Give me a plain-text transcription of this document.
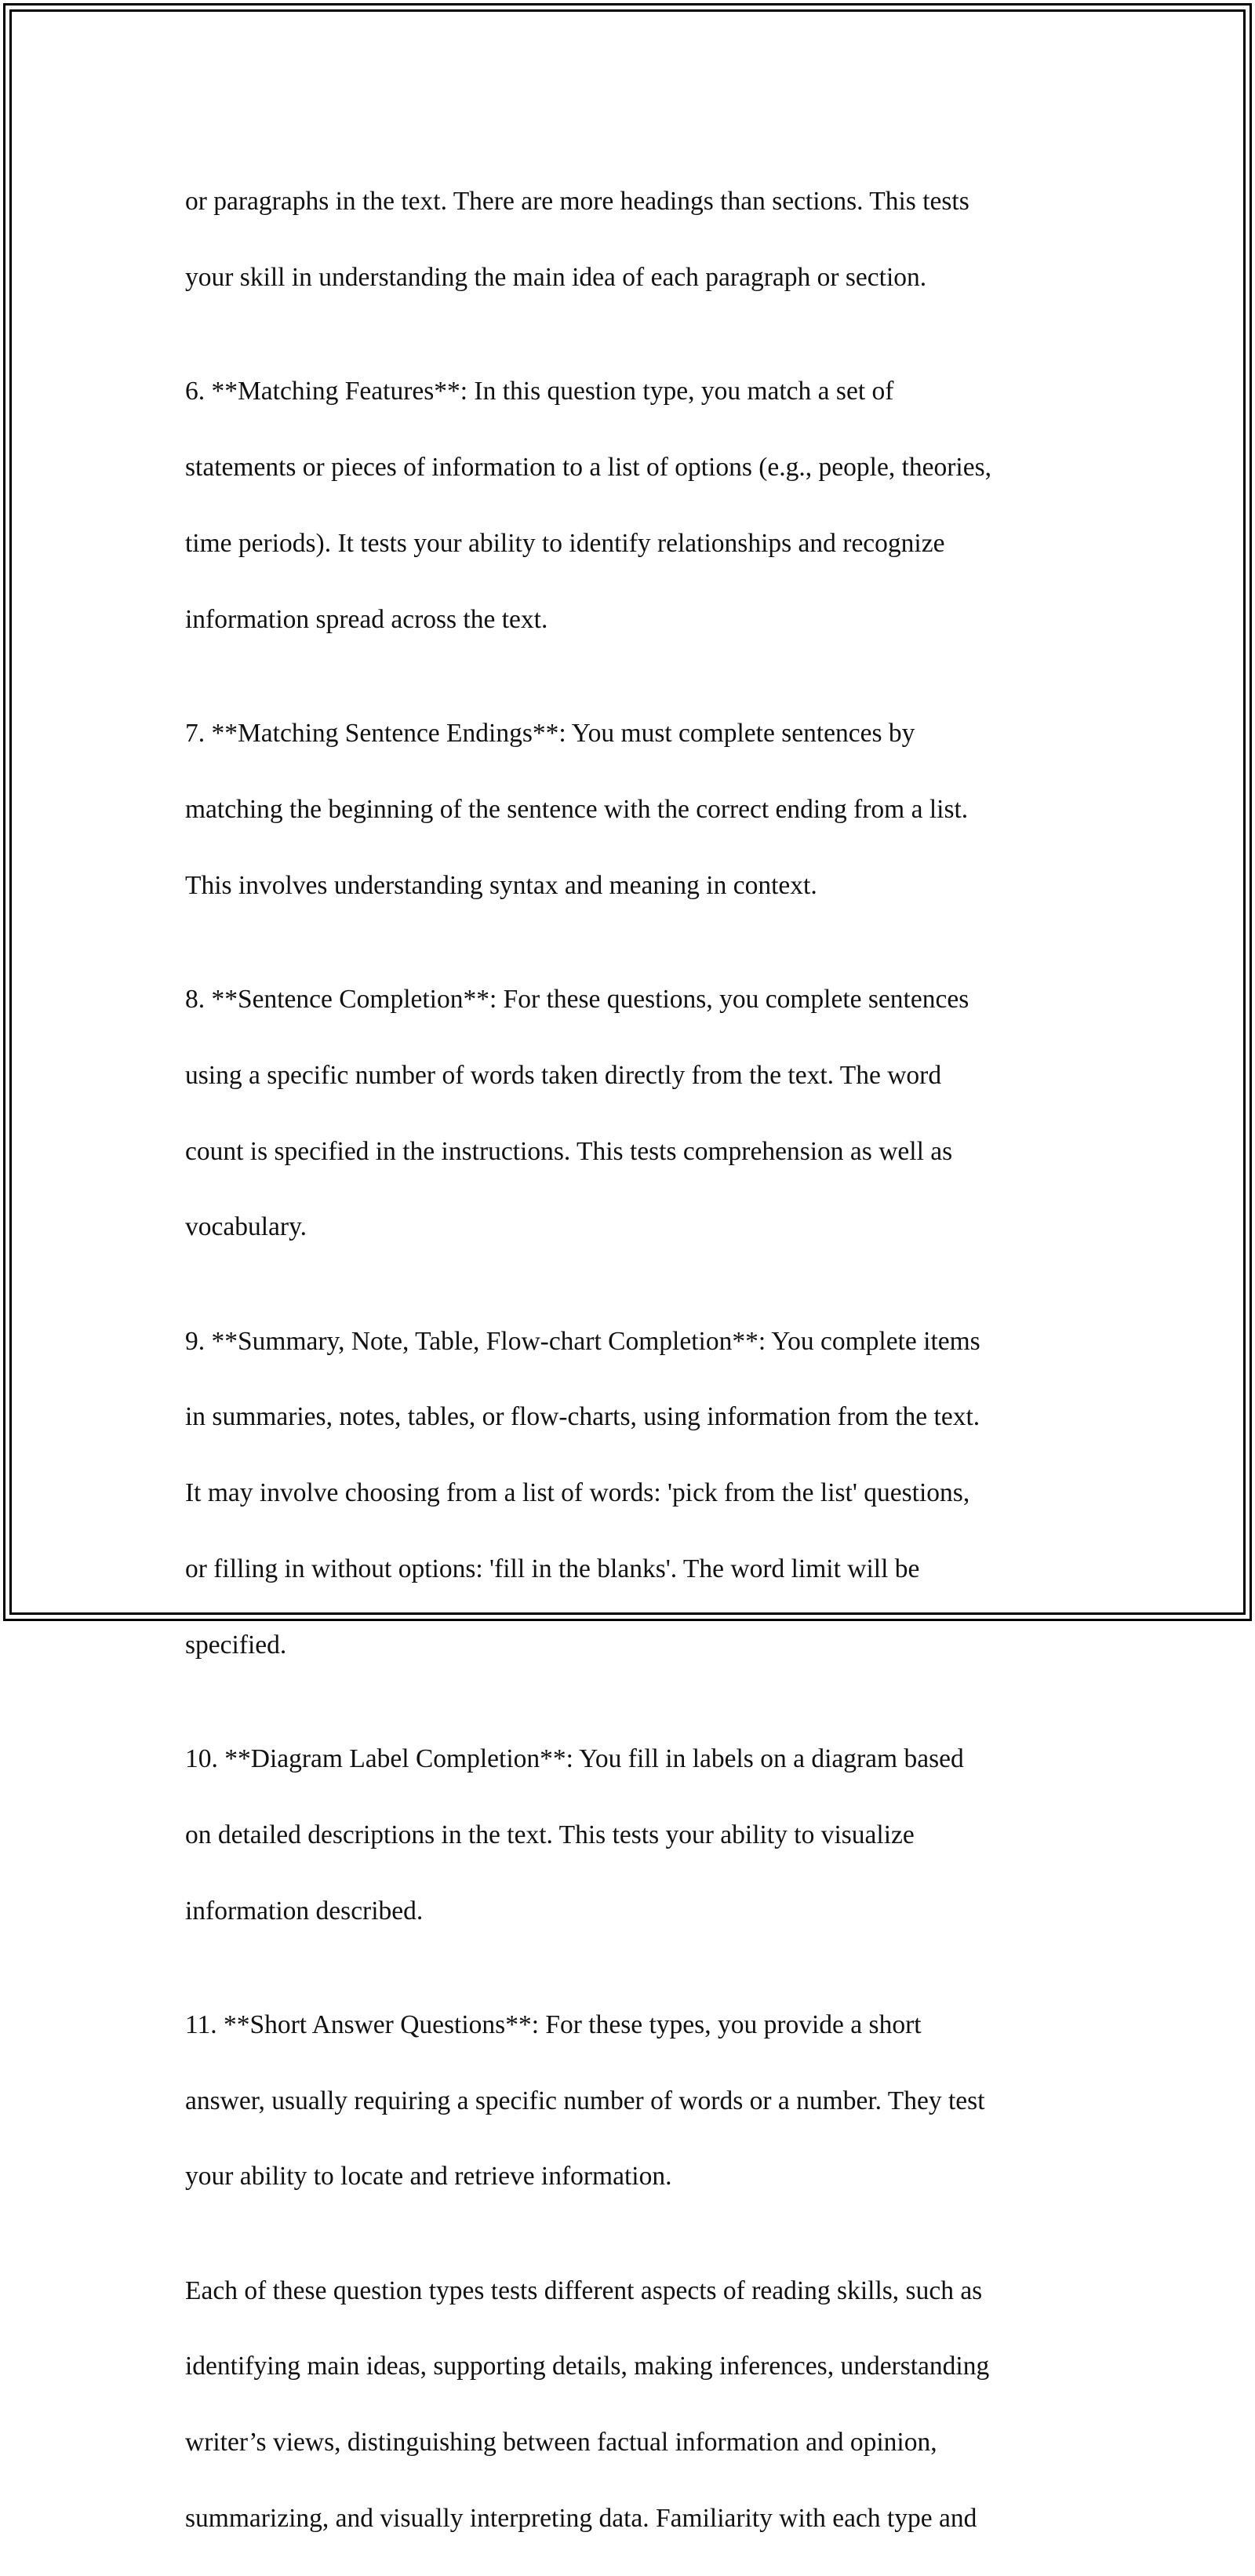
or paragraphs in the text. There are more headings than sections. This tests

your skill in understanding the main idea of each paragraph or section.

6. **Matching Features**: In this question type, you match a set of

statements or pieces of information to a list of options (e.g., people, theories,

time periods). It tests your ability to identify relationships and recognize

information spread across the text.

7. **Matching Sentence Endings**: You must complete sentences by

matching the beginning of the sentence with the correct ending from a list.

This involves understanding syntax and meaning in context.

8. **Sentence Completion**: For these questions, you complete sentences

using a specific number of words taken directly from the text. The word

count is specified in the instructions. This tests comprehension as well as

vocabulary.

9. **Summary, Note, Table, Flow-chart Completion**: You complete items

in summaries, notes, tables, or flow-charts, using information from the text.

It may involve choosing from a list of words: 'pick from the list' questions,

or filling in without options: 'fill in the blanks'. The word limit will be

specified.

10. **Diagram Label Completion**: You fill in labels on a diagram based

on detailed descriptions in the text. This tests your ability to visualize

information described.

11. **Short Answer Questions**: For these types, you provide a short

answer, usually requiring a specific number of words or a number. They test

your ability to locate and retrieve information.

Each of these question types tests different aspects of reading skills, such as

identifying main ideas, supporting details, making inferences, understanding

writer’s views, distinguishing between factual information and opinion,

summarizing, and visually interpreting data. Familiarity with each type and
